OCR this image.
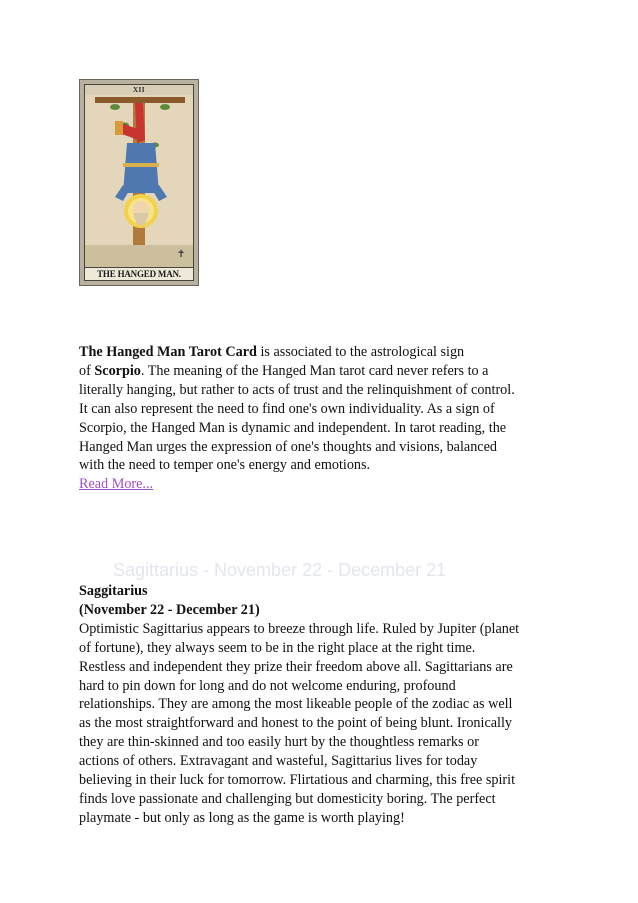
✝
XII
THE HANGED MAN.
The Hanged Man Tarot Card is associated to the astrological sign
of Scorpio. The meaning of the Hanged Man tarot card never refers to a
literally hanging, but rather to acts of trust and the relinquishment of control.
It can also represent the need to find one's own individuality. As a sign of
Scorpio, the Hanged Man is dynamic and independent. In tarot reading, the
Hanged Man urges the expression of one's thoughts and visions, balanced
with the need to temper one's energy and emotions.
Read More...
Sagittarius - November 22 - December 21
Saggitarius
(November 22 - December 21)
Optimistic Sagittarius appears to breeze through life. Ruled by Jupiter (planet
of fortune), they always seem to be in the right place at the right time.
Restless and independent they prize their freedom above all. Sagittarians are
hard to pin down for long and do not welcome enduring, profound
relationships. They are among the most likeable people of the zodiac as well
as the most straightforward and honest to the point of being blunt. Ironically
they are thin-skinned and too easily hurt by the thoughtless remarks or
actions of others. Extravagant and wasteful, Sagittarius lives for today
believing in their luck for tomorrow. Flirtatious and charming, this free spirit
finds love passionate and challenging but domesticity boring. The perfect
playmate - but only as long as the game is worth playing!
